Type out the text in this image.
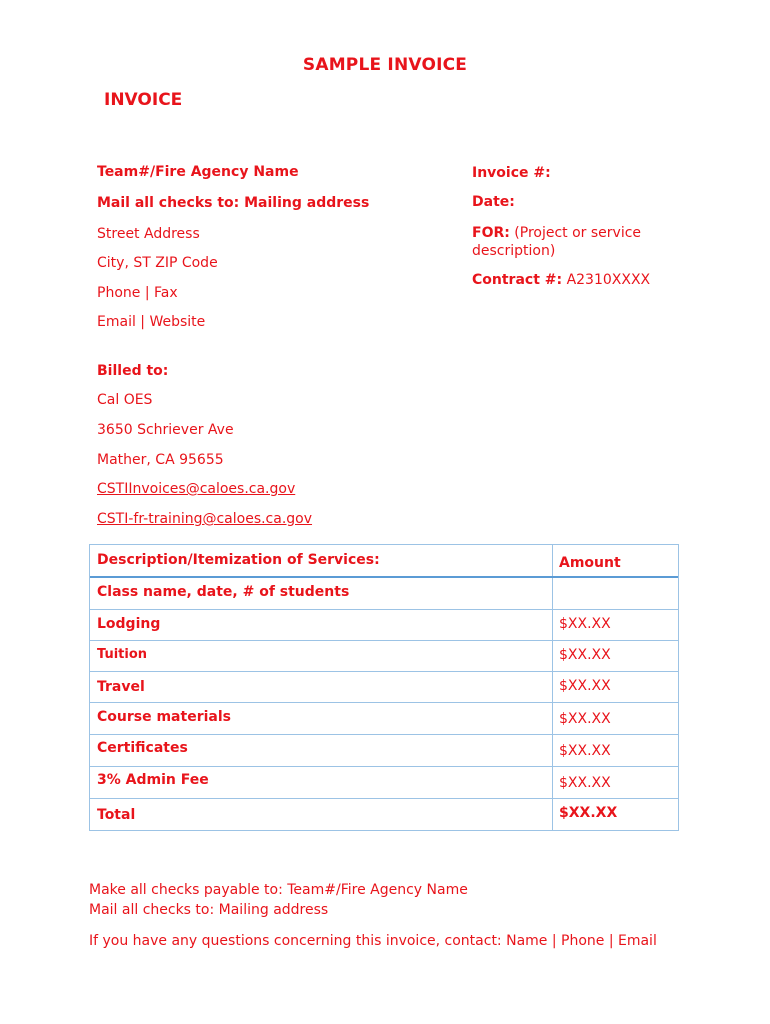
SAMPLE INVOICE
INVOICE
Team#/Fire Agency Name
Mail all checks to: Mailing address
Street Address
City, ST ZIP Code
Phone | Fax
Email | Website
Invoice #:
Date:
FOR: (Project or service description)
Contract #: A2310XXXX
Billed to:
Cal OES
3650 Schriever Ave
Mather, CA 95655
CSTIInvoices@caloes.ca.gov
CSTI-fr-training@caloes.ca.gov
Description/Itemization of Services:	Amount
Class name, date, # of students
Lodging	$XX.XX
Tuition	$XX.XX
Travel	$XX.XX
Course materials	$XX.XX
Certificates	$XX.XX
3% Admin Fee	$XX.XX
Total	$XX.XX
Make all checks payable to: Team#/Fire Agency Name
Mail all checks to: Mailing address
If you have any questions concerning this invoice, contact: Name | Phone | Email
